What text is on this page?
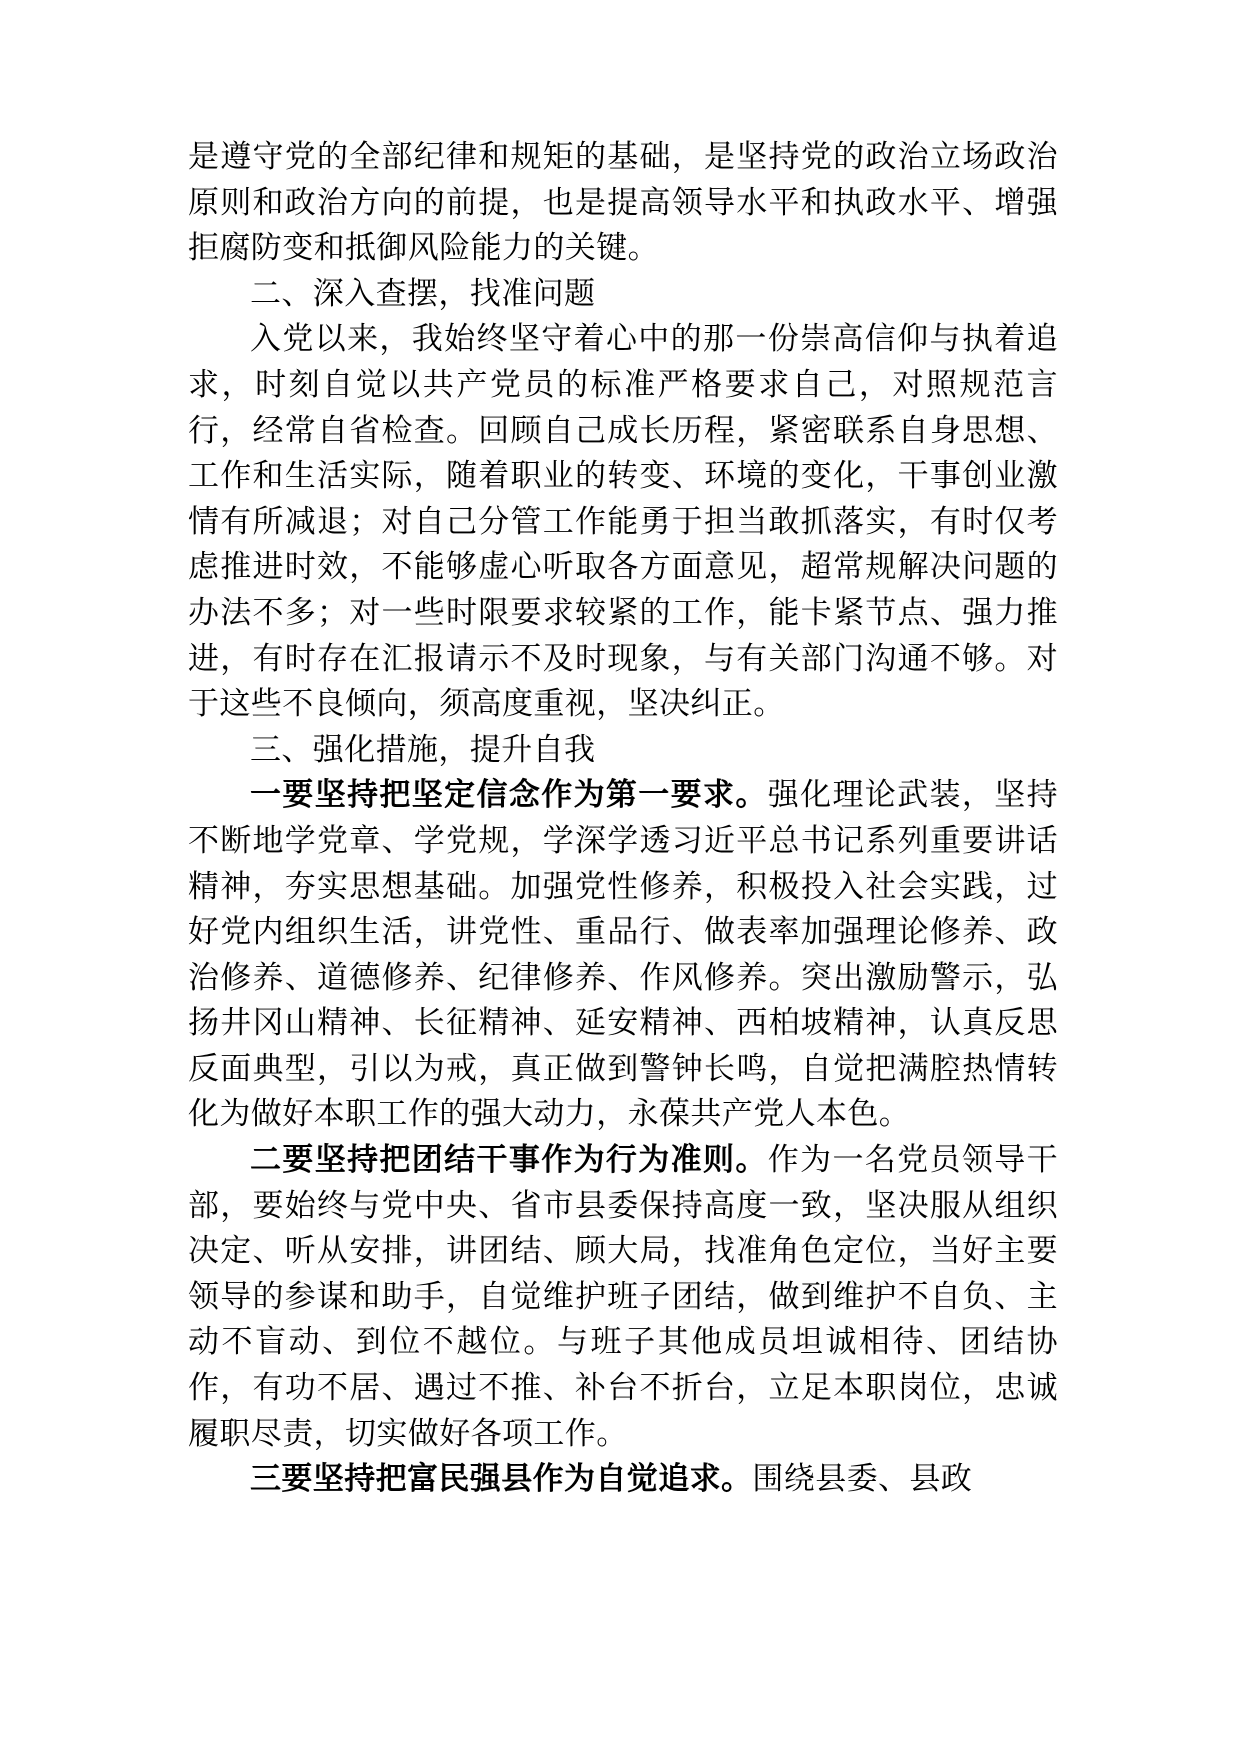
是遵守党的全部纪律和规矩的基础，是坚持党的政治立场政治原则和政治方向的前提，也是提高领导水平和执政水平、增强拒腐防变和抵御风险能力的关键。

二、深入查摆，找准问题

入党以来，我始终坚守着心中的那一份崇高信仰与执着追求，时刻自觉以共产党员的标准严格要求自己，对照规范言行，经常自省检查。回顾自己成长历程，紧密联系自身思想、工作和生活实际，随着职业的转变、环境的变化，干事创业激情有所减退；对自己分管工作能勇于担当敢抓落实，有时仅考虑推进时效，不能够虚心听取各方面意见，超常规解决问题的办法不多；对一些时限要求较紧的工作，能卡紧节点、强力推进，有时存在汇报请示不及时现象，与有关部门沟通不够。对于这些不良倾向，须高度重视，坚决纠正。

三、强化措施，提升自我

一要坚持把坚定信念作为第一要求。强化理论武装，坚持不断地学党章、学党规，学深学透习近平总书记系列重要讲话精神，夯实思想基础。加强党性修养，积极投入社会实践，过好党内组织生活，讲党性、重品行、做表率加强理论修养、政治修养、道德修养、纪律修养、作风修养。突出激励警示，弘扬井冈山精神、长征精神、延安精神、西柏坡精神，认真反思反面典型，引以为戒，真正做到警钟长鸣，自觉把满腔热情转化为做好本职工作的强大动力，永葆共产党人本色。

二要坚持把团结干事作为行为准则。作为一名党员领导干部，要始终与党中央、省市县委保持高度一致，坚决服从组织决定、听从安排，讲团结、顾大局，找准角色定位，当好主要领导的参谋和助手，自觉维护班子团结，做到维护不自负、主动不盲动、到位不越位。与班子其他成员坦诚相待、团结协作，有功不居、遇过不推、补台不折台，立足本职岗位，忠诚履职尽责，切实做好各项工作。

三要坚持把富民强县作为自觉追求。围绕县委、县政
